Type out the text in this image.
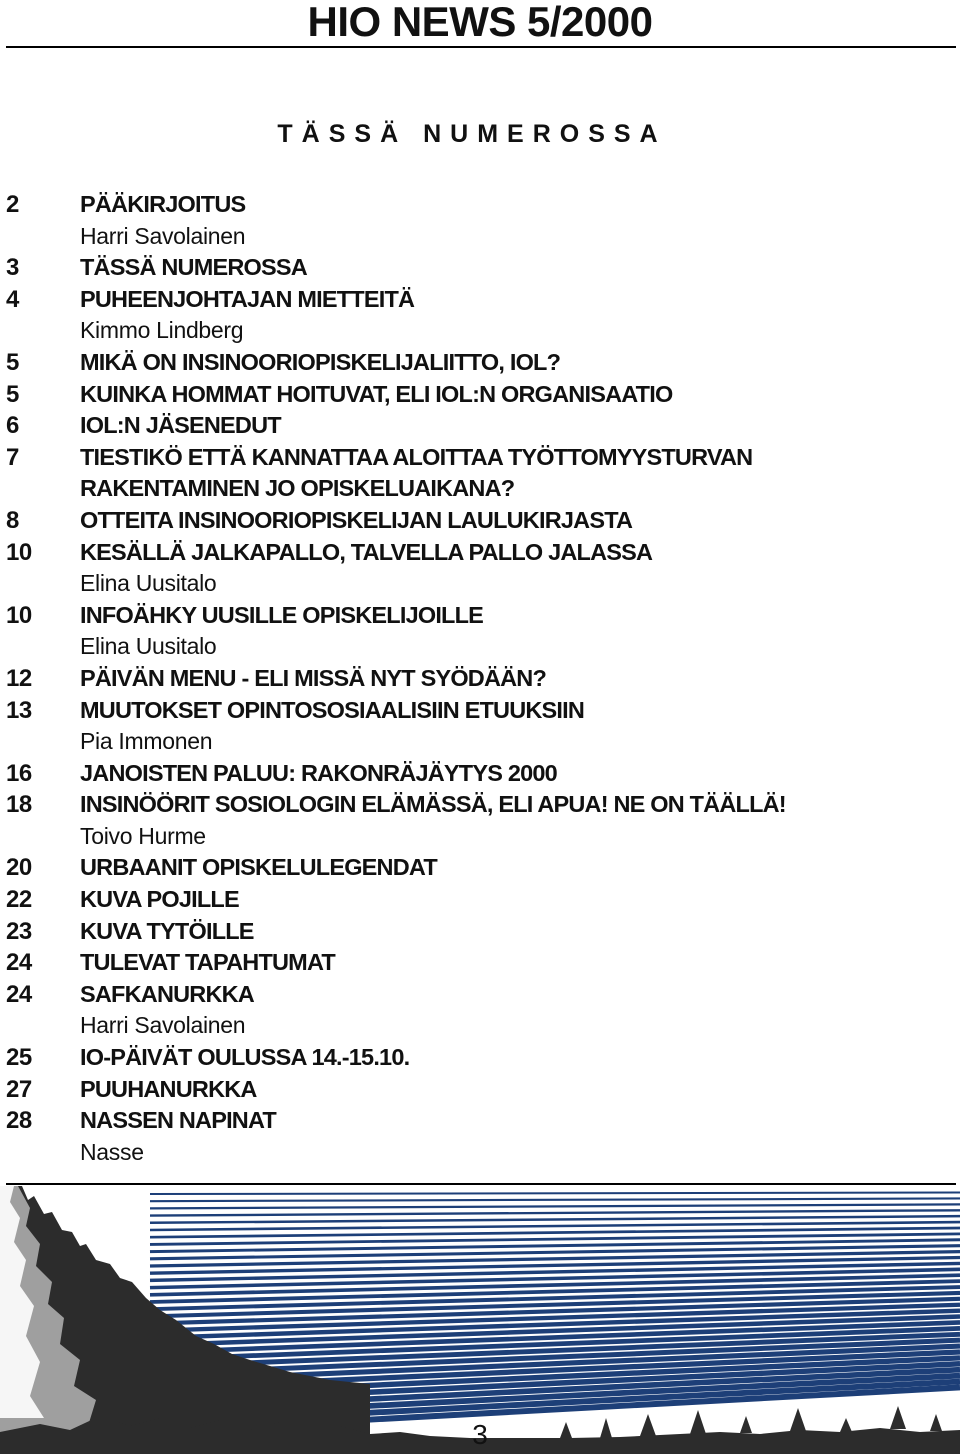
HIO NEWS 5/2000
TÄSSÄ NUMEROSSA
2	PÄÄKIRJOITUS
Harri Savolainen
3	TÄSSÄ NUMEROSSA
4	PUHEENJOHTAJAN MIETTEITÄ
Kimmo Lindberg
5	MIKÄ ON INSINOORIOPISKELIJALIITTO, IOL?
5	KUINKA HOMMAT HOITUVAT, ELI IOL:N ORGANISAATIO
6	IOL:N JÄSENEDUT
7	TIESTIKÖ ETTÄ KANNATTAA ALOITTAA TYÖTTOMYYSTURVAN
RAKENTAMINEN JO OPISKELUAIKANA?
8	OTTEITA INSINOORIOPISKELIJAN LAULUKIRJASTA
10 KESÄLLÄ JALKAPALLO, TALVELLA PALLO JALASSA
Elina Uusitalo
10 INFOÄHKY UUSILLE OPISKELIJOILLE
Elina Uusitalo
12 PÄIVÄN MENU - ELI MISSÄ NYT SYÖDÄÄN?
13 MUUTOKSET OPINTOSOSIAALISIIN ETUUKSIIN
Pia Immonen
16 JANOISTEN PALUU: RAKONRÄJÄYTYS 2000
18 INSINÖÖRIT SOSIOLOGIN ELÄMÄSSÄ, ELI APUA! NE ON TÄÄLLÄ!
Toivo Hurme
20 URBAANIT OPISKELULEGENDAT
22 KUVA POJILLE
23 KUVA TYTÖILLE
24 TULEVAT TAPAHTUMAT
24 SAFKANURKKA
Harri Savolainen
25 IO-PÄIVÄT OULUSSA 14.-15.10.
27 PUUHANURKKA
28 NASSEN NAPINAT
Nasse
3
